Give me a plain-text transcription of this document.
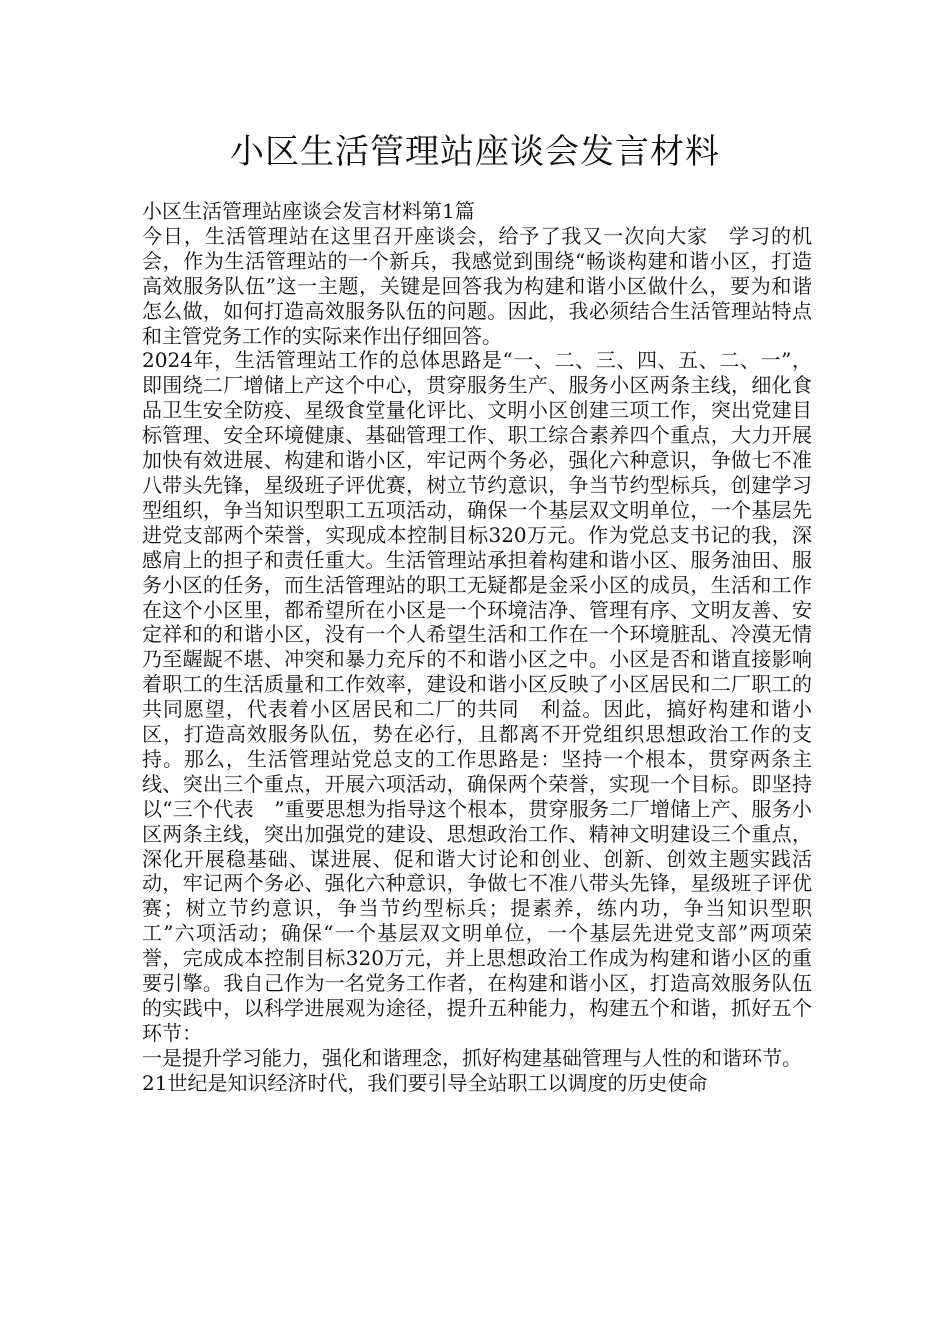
小区生活管理站座谈会发言材料

小区生活管理站座谈会发言材料第1篇

今日，生活管理站在这里召开座谈会，给予了我又一次向大家　学习的机会，作为生活管理站的一个新兵，我感觉到围绕“畅谈构建和谐小区，打造高效服务队伍”这一主题，关键是回答我为构建和谐小区做什么，要为和谐怎么做，如何打造高效服务队伍的问题。因此，我必须结合生活管理站特点和主管党务工作的实际来作出仔细回答。

2024年，生活管理站工作的总体思路是“一、二、三、四、五、二、一”，即围绕二厂增储上产这个中心，贯穿服务生产、服务小区两条主线，细化食品卫生安全防疫、星级食堂量化评比、文明小区创建三项工作，突出党建目标管理、安全环境健康、基础管理工作、职工综合素养四个重点，大力开展加快有效进展、构建和谐小区，牢记两个务必，强化六种意识，争做七不准八带头先锋，星级班子评优赛，树立节约意识，争当节约型标兵，创建学习型组织，争当知识型职工五项活动，确保一个基层双文明单位，一个基层先进党支部两个荣誉，实现成本控制目标320万元。作为党总支书记的我，深感肩上的担子和责任重大。生活管理站承担着构建和谐小区、服务油田、服务小区的任务，而生活管理站的职工无疑都是金采小区的成员，生活和工作在这个小区里，都希望所在小区是一个环境洁净、管理有序、文明友善、安定祥和的和谐小区，没有一个人希望生活和工作在一个环境脏乱、冷漠无情乃至龌龊不堪、冲突和暴力充斥的不和谐小区之中。小区是否和谐直接影响着职工的生活质量和工作效率，建设和谐小区反映了小区居民和二厂职工的共同愿望，代表着小区居民和二厂的共同　利益。因此，搞好构建和谐小区，打造高效服务队伍，势在必行，且都离不开党组织思想政治工作的支持。那么，生活管理站党总支的工作思路是：坚持一个根本，贯穿两条主线、突出三个重点，开展六项活动，确保两个荣誉，实现一个目标。即坚持以“三个代表　”重要思想为指导这个根本，贯穿服务二厂增储上产、服务小区两条主线，突出加强党的建设、思想政治工作、精神文明建设三个重点，深化开展稳基础、谋进展、促和谐大讨论和创业、创新、创效主题实践活动，牢记两个务必、强化六种意识，争做七不准八带头先锋，星级班子评优赛；树立节约意识，争当节约型标兵；提素养，练内功，争当知识型职工”六项活动；确保“一个基层双文明单位，一个基层先进党支部”两项荣誉，完成成本控制目标320万元，并上思想政治工作成为构建和谐小区的重要引擎。我自己作为一名党务工作者，在构建和谐小区，打造高效服务队伍的实践中，以科学进展观为途径，提升五种能力，构建五个和谐，抓好五个环节：

一是提升学习能力，强化和谐理念，抓好构建基础管理与人性的和谐环节。

21世纪是知识经济时代，我们要引导全站职工以调度的历史使命
